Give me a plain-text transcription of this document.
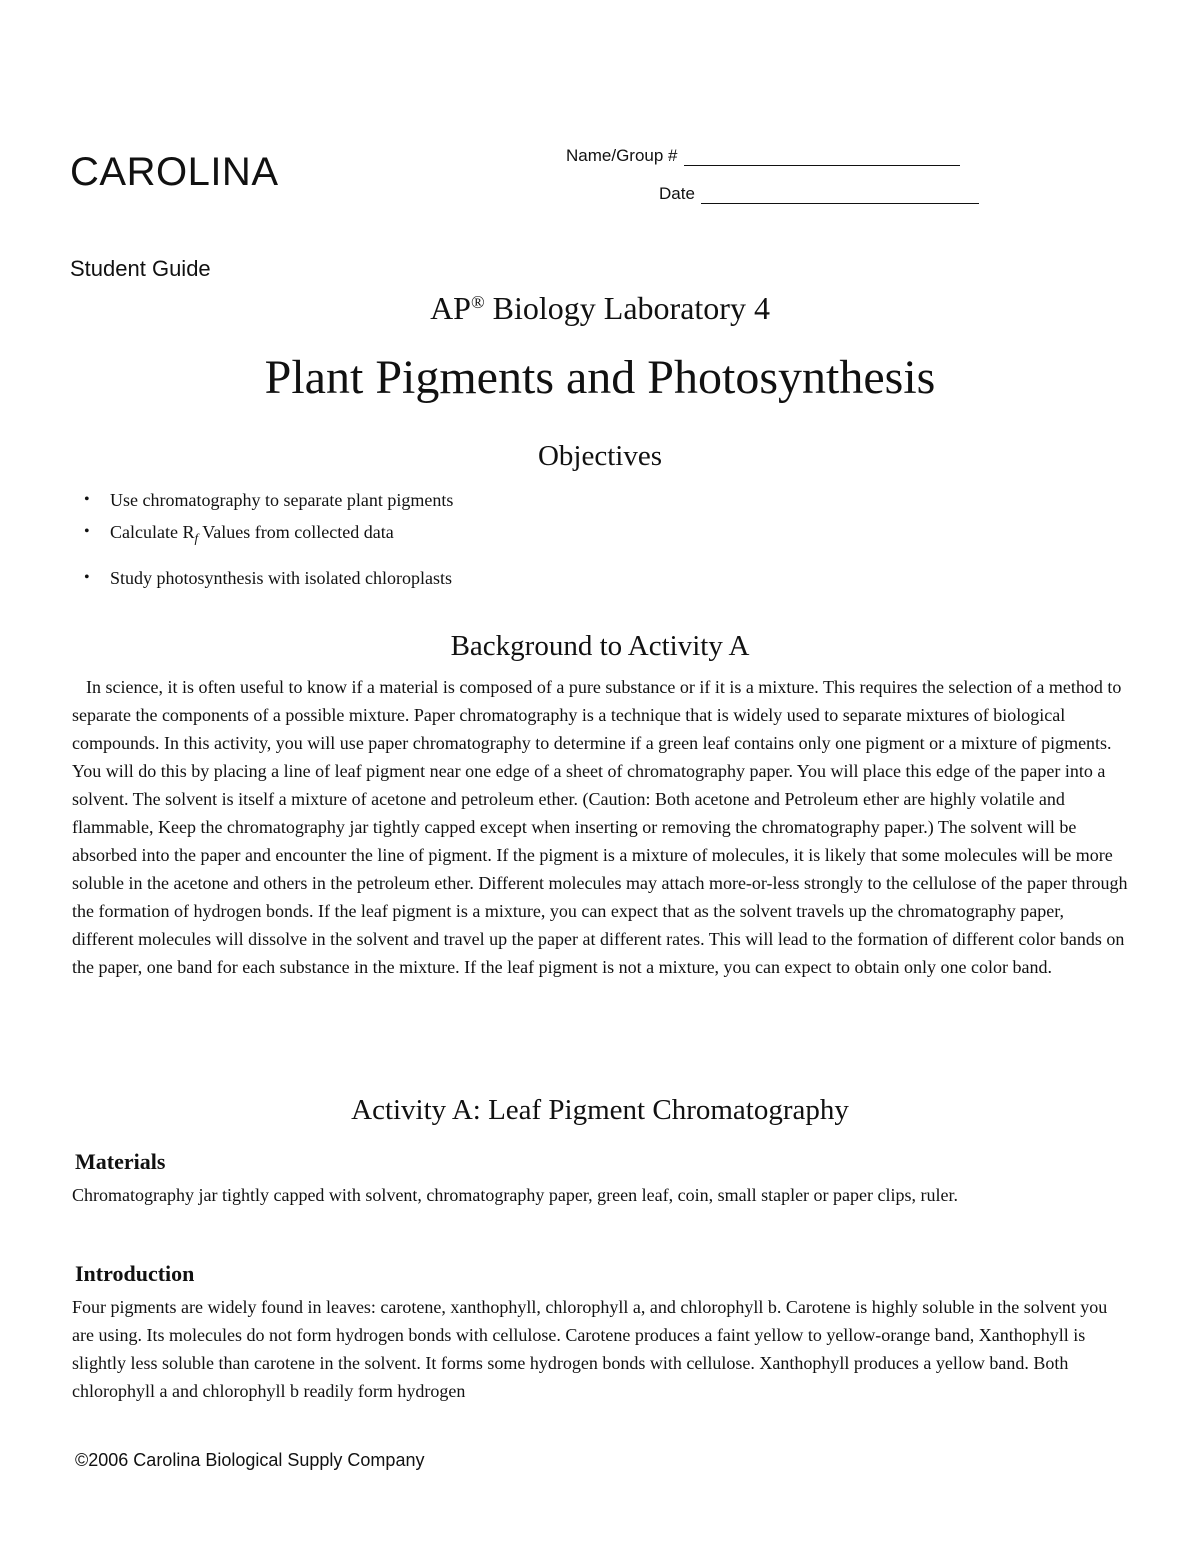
CAROLINA	Name/Group #
Date
Student Guide
AP® Biology Laboratory 4
Plant Pigments and Photosynthesis
Objectives
• Use chromatography to separate plant pigments
• Calculate $R_f$ Values from collected data
• Study photosynthesis with isolated chloroplasts
Background to Activity A

In science, it is often useful to know if a material is composed of a pure substance or if it is a mixture. This requires the selection of a method to separate the components of a possible mixture. Paper chromatography is a technique that is widely used to separate mixtures of biological compounds. In this activity, you will use paper chromatography to determine if a green leaf contains only one pigment or a mixture of pigments. You will do this by placing a line of leaf pigment near one edge of a sheet of chromatography paper. You will place this edge of the paper into a solvent. The solvent is itself a mixture of acetone and petroleum ether. (Caution: Both acetone and Petroleum ether are highly volatile and flammable, Keep the chromatography jar tightly capped except when inserting or removing the chromatography paper.) The solvent will be absorbed into the paper and encounter the line of pigment. If the pigment is a mixture of molecules, it is likely that some molecules will be more soluble in the acetone and others in the petroleum ether. Different molecules may attach more-or-less strongly to the cellulose of the paper through the formation of hydrogen bonds. If the leaf pigment is a mixture, you can expect that as the solvent travels up the chromatography paper, different molecules will dissolve in the solvent and travel up the paper at different rates. This will lead to the formation of different color bands on the paper, one band for each substance in the mixture. If the leaf pigment is not a mixture, you can expect to obtain only one color band.

Activity A: Leaf Pigment Chromatography
Materials

Chromatography jar tightly capped with solvent, chromatography paper, green leaf, coin, small stapler or paper clips, ruler.

Introduction

Four pigments are widely found in leaves: carotene, xanthophyll, chlorophyll a, and chlorophyll b. Carotene is highly soluble in the solvent you are using. Its molecules do not form hydrogen bonds with cellulose. Carotene produces a faint yellow to yellow-orange band, Xanthophyll is slightly less soluble than carotene in the solvent. It forms some hydrogen bonds with cellulose. Xanthophyll produces a yellow band. Both chlorophyll a and chlorophyll b readily form hydrogen

©2006 Carolina Biological Supply Company
